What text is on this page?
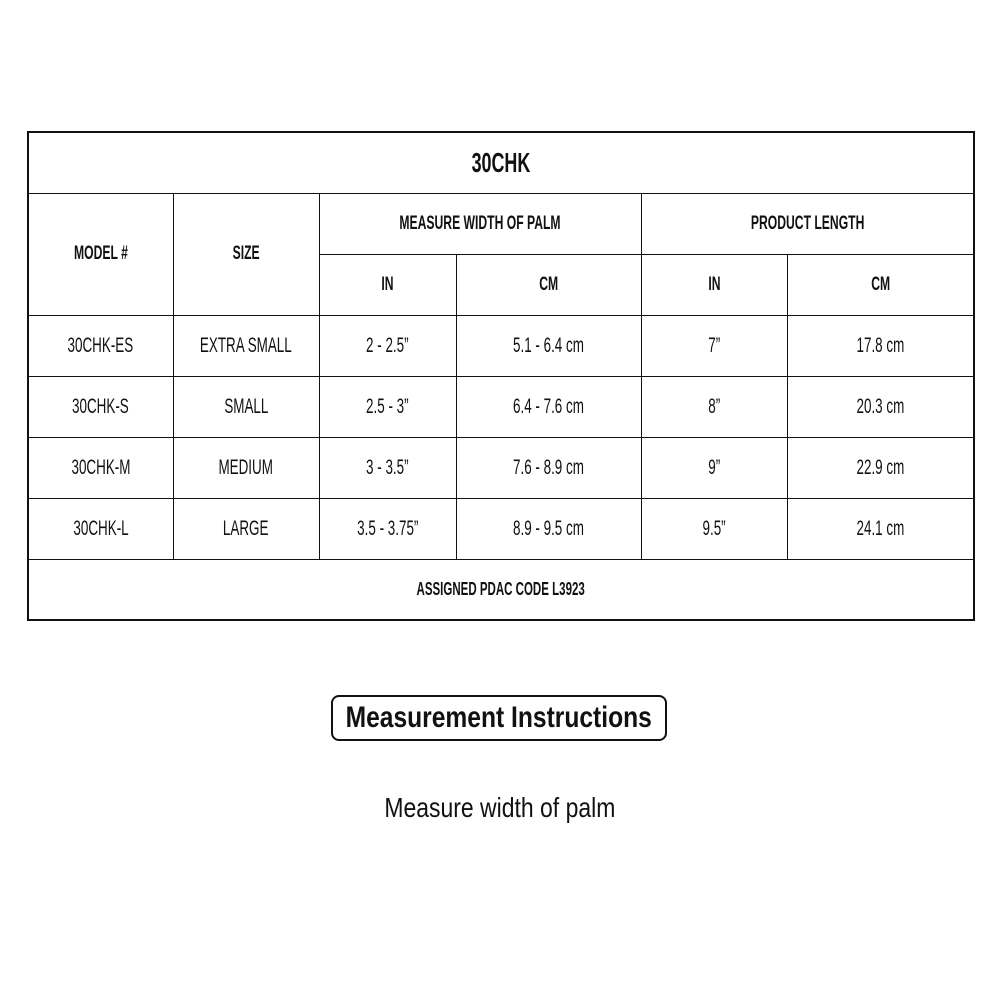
30CHK					
MODEL #	SIZE	MEASURE WIDTH OF PALM		PRODUCT LENGTH	
		IN	CM	IN	CM
30CHK-ES	EXTRA SMALL	2 - 2.5”	5.1 - 6.4 cm	7”	17.8 cm
30CHK-S	SMALL	2.5 - 3”	6.4 - 7.6 cm	8”	20.3 cm
30CHK-M	MEDIUM	3 - 3.5”	7.6 - 8.9 cm	9”	22.9 cm
30CHK-L	LARGE	3.5 - 3.75”	8.9 - 9.5 cm	9.5”	24.1 cm
ASSIGNED PDAC CODE L3923					
Measurement Instructions
Measure width of palm
